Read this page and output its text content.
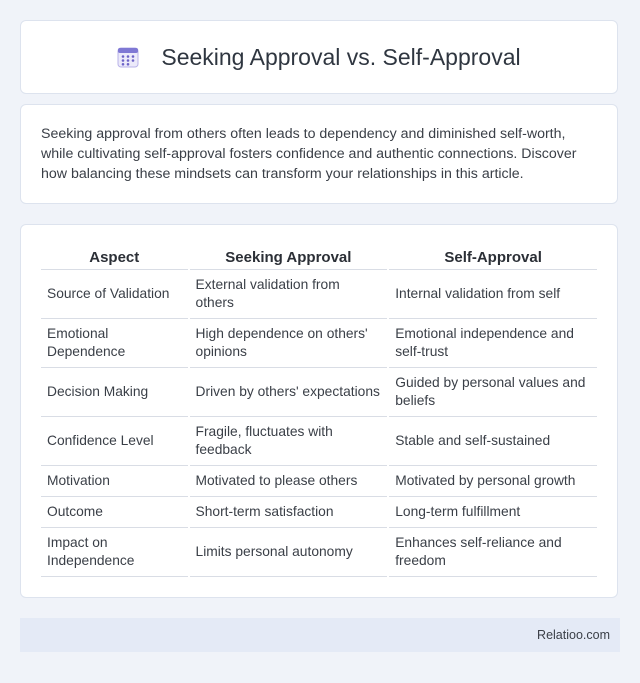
Seeking Approval vs. Self-Approval

Seeking approval from others often leads to dependency and diminished self-worth, while cultivating self-approval fosters confidence and authentic connections. Discover how balancing these mindsets can transform your relationships in this article.

Aspect	Seeking Approval	Self-Approval
Source of Validation	External validation from others	Internal validation from self
Emotional Dependence	High dependence on others' opinions	Emotional independence and self-trust
Decision Making	Driven by others' expectations	Guided by personal values and beliefs
Confidence Level	Fragile, fluctuates with feedback	Stable and self-sustained
Motivation	Motivated to please others	Motivated by personal growth
Outcome	Short-term satisfaction	Long-term fulfillment
Impact on Independence	Limits personal autonomy	Enhances self-reliance and freedom
Relatioo.com
